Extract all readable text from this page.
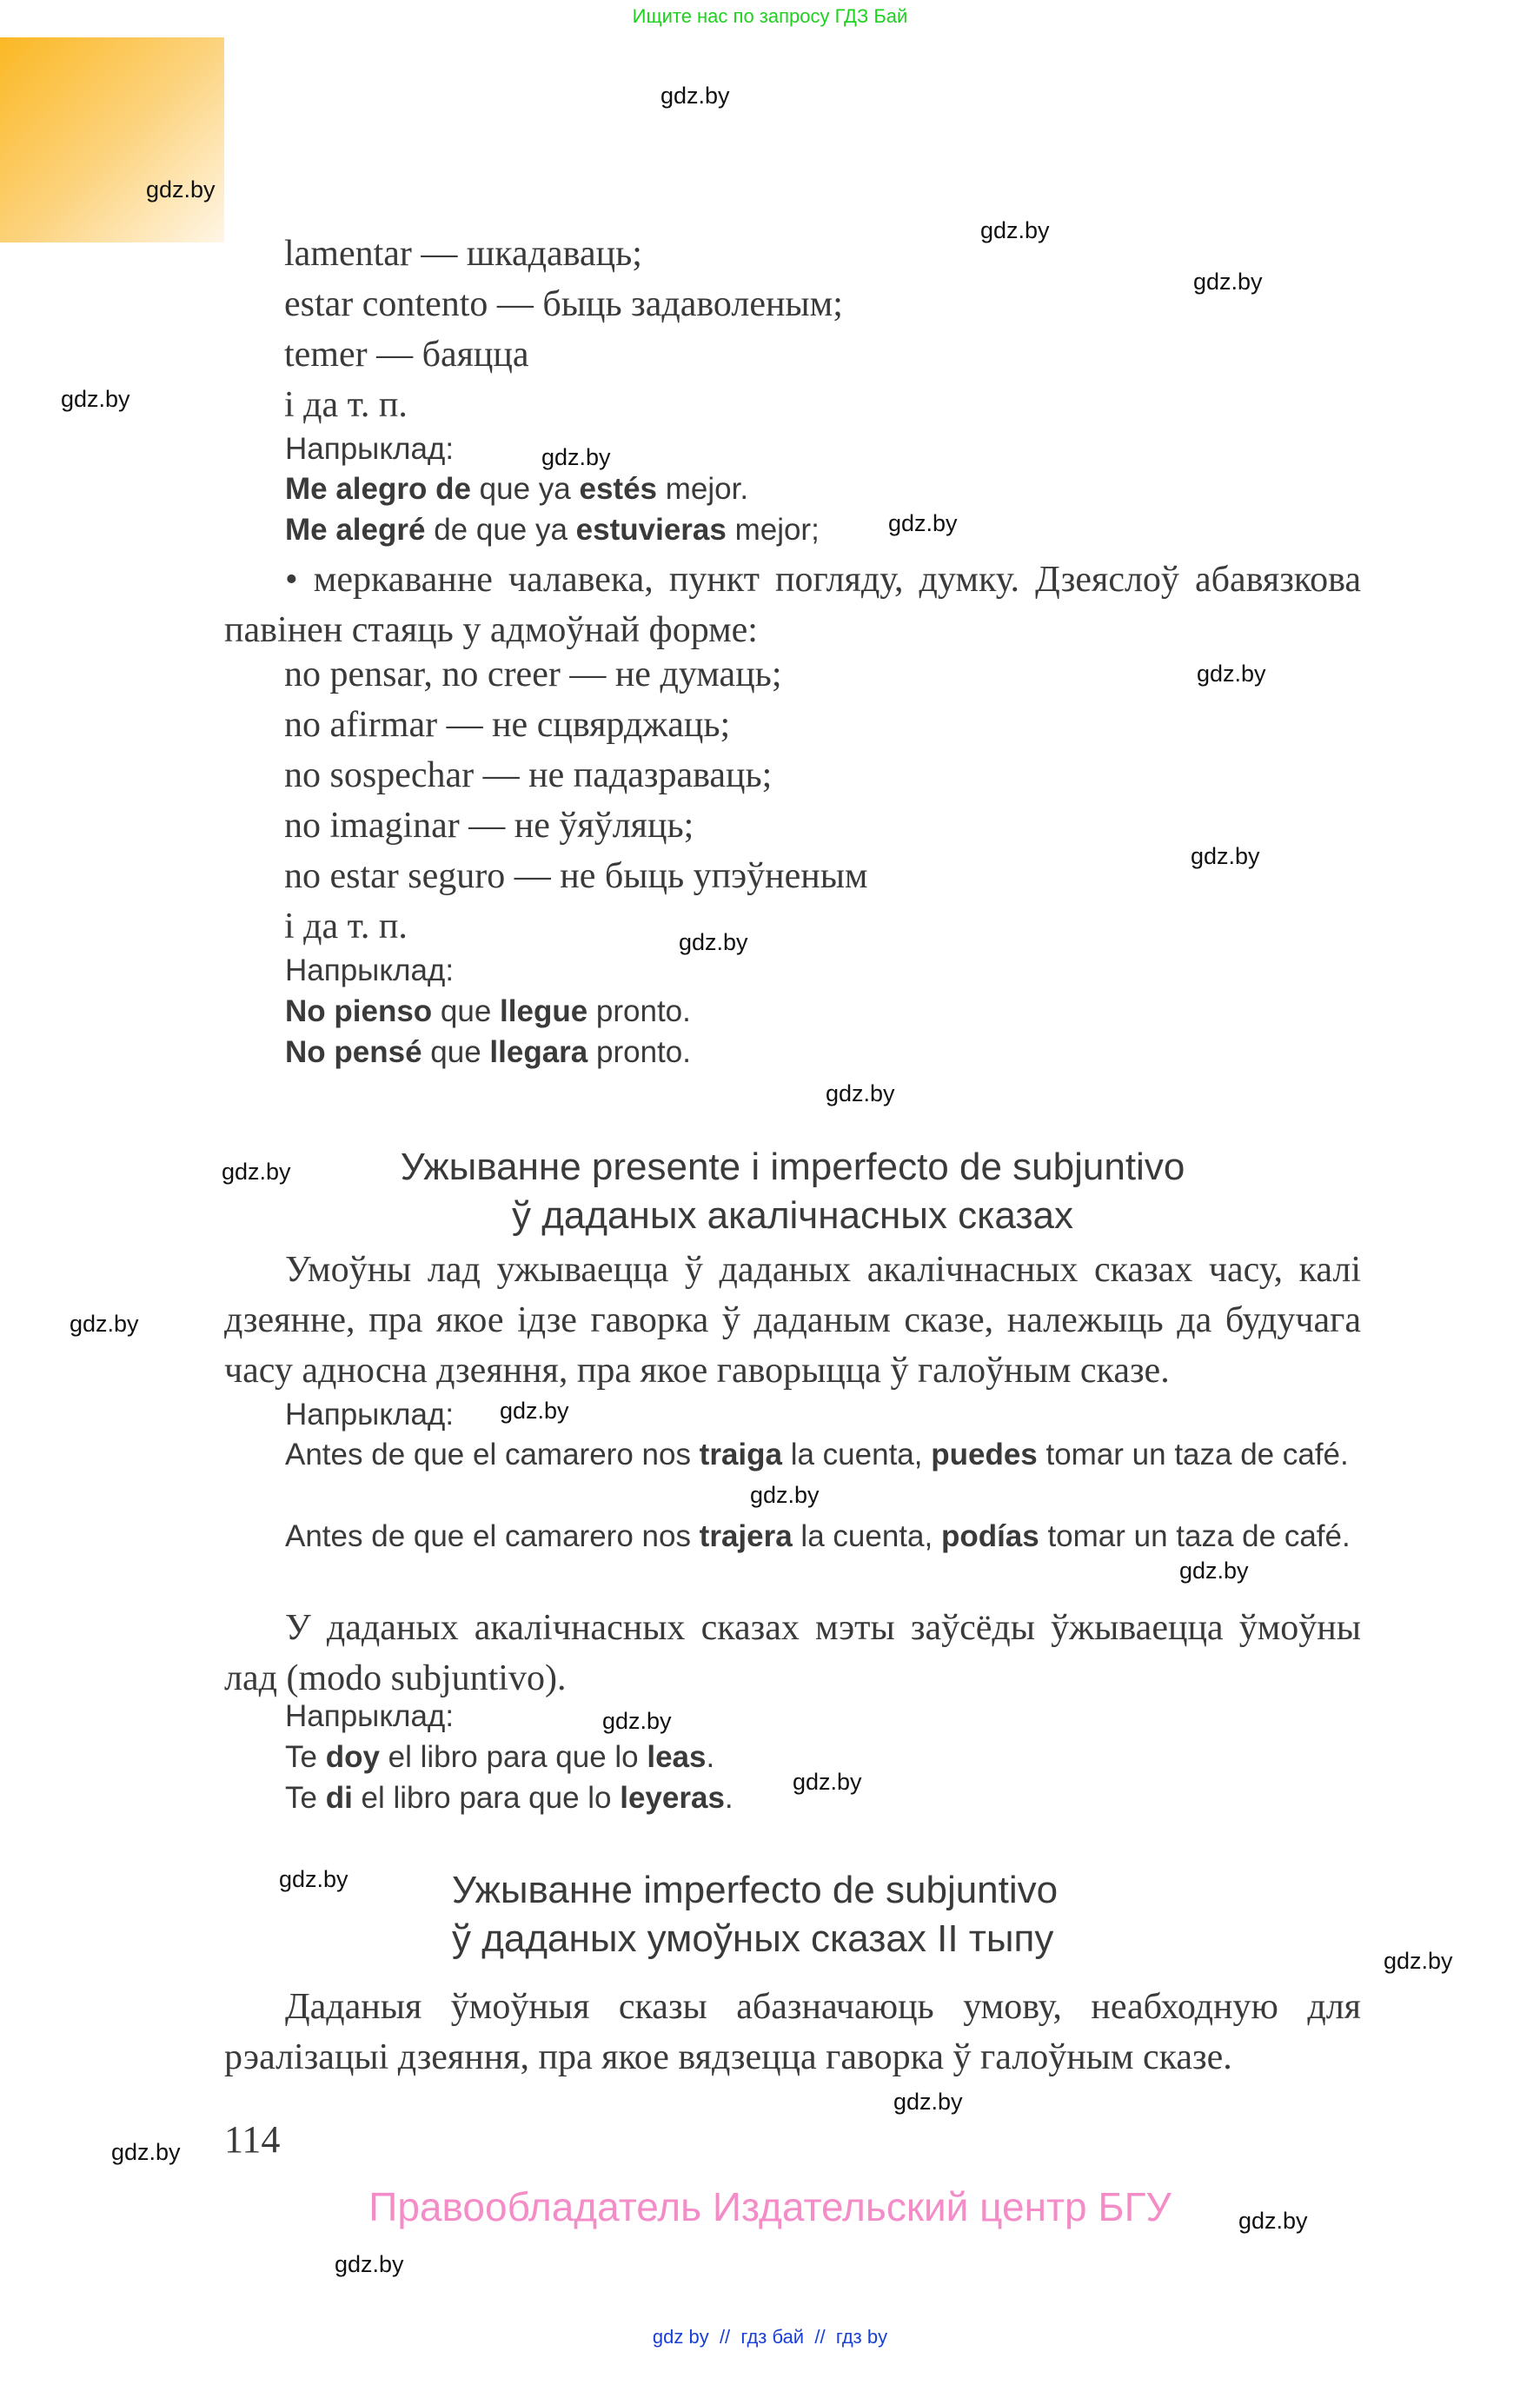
Ищите нас по запросу ГДЗ Бай
lamentar — шкадаваць;
estar contento — быць задаволеным;
temer — баяцца
і да т. п.
Напрыклад:
Me alegro de que ya estés mejor.
Me alegré de que ya estuvieras mejor;
• меркаванне чалавека, пункт погляду, думку. Дзеяслоў абавязкова павінен стаяць у адмоўнай форме:
no pensar, no creer — не думаць;
no afirmar — не сцвярджаць;
no sospechar — не падазраваць;
no imaginar — не ўяўляць;
no estar seguro — не быць упэўненым
і да т. п.
Напрыклад:
No pienso que llegue pronto.
No pensé que llegara pronto.
Ужыванне presente і imperfecto de subjuntivo
ў даданых акалічнасных сказах
Умоўны лад ужываецца ў даданых акалічнасных сказах часу, калі дзеянне, пра якое ідзе гаворка ў даданым сказе, належыць да будучага часу адносна дзеяння, пра якое гаворыцца ў галоўным сказе.
Напрыклад:
Antes de que el camarero nos traiga la cuenta, puedes tomar un taza de café.
Antes de que el camarero nos trajera la cuenta, podías tomar un taza de café.
У даданых акалічнасных сказах мэты заўсёды ўжываецца ўмоўны лад (modo subjuntivo).
Напрыклад:
Te doy el libro para que lo leas.
Te di el libro para que lo leyeras.
Ужыванне imperfecto de subjuntivo
ў даданых умоўных сказах ІІ тыпу
Даданыя ўмоўныя сказы абазначаюць умову, неабходную для рэалізацыі дзеяння, пра якое вядзецца гаворка ў галоўным сказе.
114
Правообладатель Издательский центр БГУ
gdz.by
gdz.by
gdz.by
gdz.by
gdz.by
gdz.by
gdz.by
gdz.by
gdz.by
gdz.by
gdz.by
gdz.by
gdz.by
gdz.by
gdz.by
gdz.by
gdz.by
gdz.by
gdz.by
gdz.by
gdz.by
gdz.by
gdz.by
gdz.by
gdz by // гдз бай // гдз by
